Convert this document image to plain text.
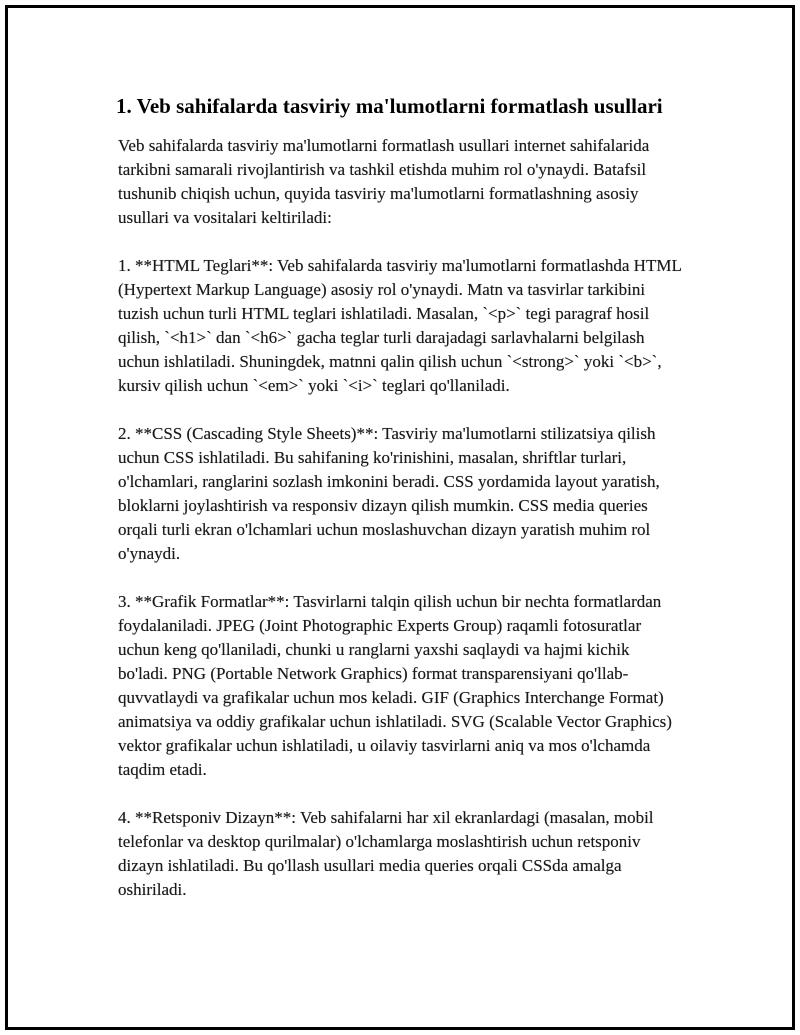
1. Veb sahifalarda tasviriy ma'lumotlarni formatlash usullari

Veb sahifalarda tasviriy ma'lumotlarni formatlash usullari internet sahifalarida tarkibni samarali rivojlantirish va tashkil etishda muhim rol o'ynaydi. Batafsil tushunib chiqish uchun, quyida tasviriy ma'lumotlarni formatlashning asosiy usullari va vositalari keltiriladi:

1. **HTML Teglari**: Veb sahifalarda tasviriy ma'lumotlarni formatlashda HTML (Hypertext Markup Language) asosiy rol o'ynaydi. Matn va tasvirlar tarkibini tuzish uchun turli HTML teglari ishlatiladi. Masalan, `<p>` tegi paragraf hosil qilish, `<h1>` dan `<h6>` gacha teglar turli darajadagi sarlavhalarni belgilash uchun ishlatiladi. Shuningdek, matnni qalin qilish uchun `<strong>` yoki `<b>`, kursiv qilish uchun `<em>` yoki `<i>` teglari qo'llaniladi.

2. **CSS (Cascading Style Sheets)**: Tasviriy ma'lumotlarni stilizatsiya qilish uchun CSS ishlatiladi. Bu sahifaning ko'rinishini, masalan, shriftlar turlari, o'lchamlari, ranglarini sozlash imkonini beradi. CSS yordamida layout yaratish, bloklarni joylashtirish va responsiv dizayn qilish mumkin. CSS media queries orqali turli ekran o'lchamlari uchun moslashuvchan dizayn yaratish muhim rol o'ynaydi.

3. **Grafik Formatlar**: Tasvirlarni talqin qilish uchun bir nechta formatlardan foydalaniladi. JPEG (Joint Photographic Experts Group) raqamli fotosuratlar uchun keng qo'llaniladi, chunki u ranglarni yaxshi saqlaydi va hajmi kichik bo'ladi. PNG (Portable Network Graphics) format transparensiyani qo'llab-quvvatlaydi va grafikalar uchun mos keladi. GIF (Graphics Interchange Format) animatsiya va oddiy grafikalar uchun ishlatiladi. SVG (Scalable Vector Graphics) vektor grafikalar uchun ishlatiladi, u oilaviy tasvirlarni aniq va mos o'lchamda taqdim etadi.

4. **Retsponiv Dizayn**: Veb sahifalarni har xil ekranlardagi (masalan, mobil telefonlar va desktop qurilmalar) o'lchamlarga moslashtirish uchun retsponiv dizayn ishlatiladi. Bu qo'llash usullari media queries orqali CSSda amalga oshiriladi.
